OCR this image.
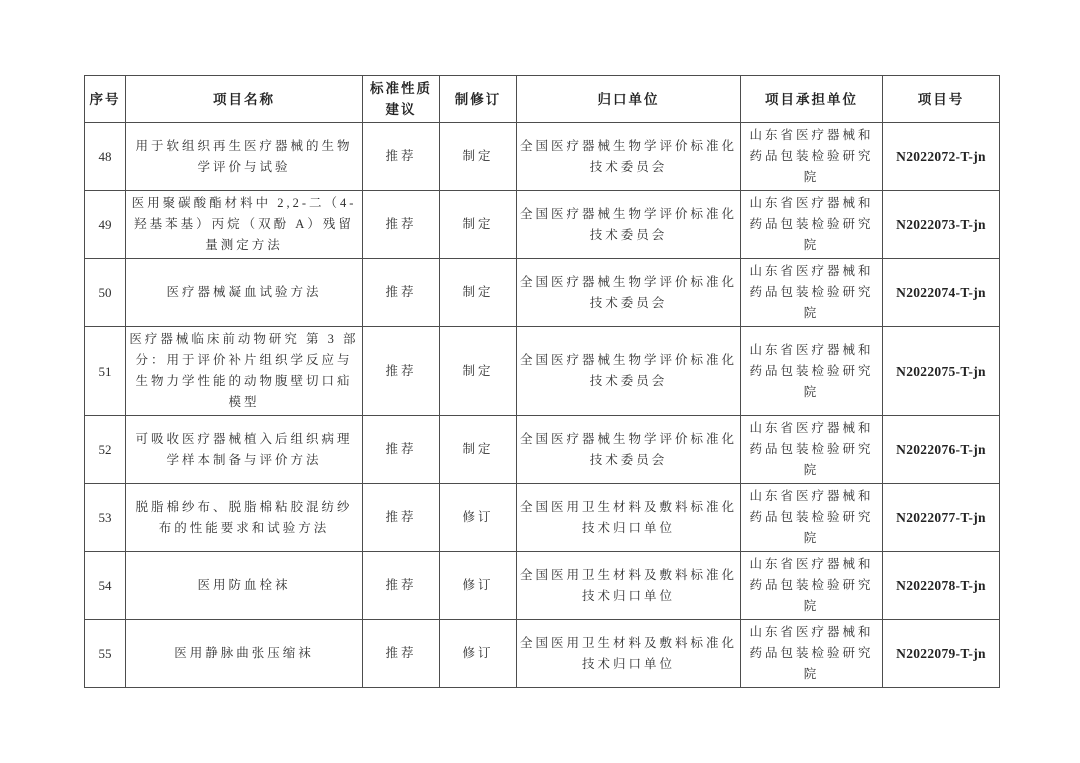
序号	项目名称	标准性质建议	制修订	归口单位	项目承担单位	项目号
48	用于软组织再生医疗器械的生物学评价与试验	推荐	制定	全国医疗器械生物学评价标准化技术委员会	山东省医疗器械和药品包装检验研究院	N2022072-T-jn
49	医用聚碳酸酯材料中 2,2-二（4-羟基苯基）丙烷（双酚 A）残留量测定方法	推荐	制定	全国医疗器械生物学评价标准化技术委员会	山东省医疗器械和药品包装检验研究院	N2022073-T-jn
50	医疗器械凝血试验方法	推荐	制定	全国医疗器械生物学评价标准化技术委员会	山东省医疗器械和药品包装检验研究院	N2022074-T-jn
51	医疗器械临床前动物研究 第 3 部分：用于评价补片组织学反应与生物力学性能的动物腹壁切口疝模型	推荐	制定	全国医疗器械生物学评价标准化技术委员会	山东省医疗器械和药品包装检验研究院	N2022075-T-jn
52	可吸收医疗器械植入后组织病理学样本制备与评价方法	推荐	制定	全国医疗器械生物学评价标准化技术委员会	山东省医疗器械和药品包装检验研究院	N2022076-T-jn
53	脱脂棉纱布、脱脂棉粘胶混纺纱布的性能要求和试验方法	推荐	修订	全国医用卫生材料及敷料标准化技术归口单位	山东省医疗器械和药品包装检验研究院	N2022077-T-jn
54	医用防血栓袜	推荐	修订	全国医用卫生材料及敷料标准化技术归口单位	山东省医疗器械和药品包装检验研究院	N2022078-T-jn
55	医用静脉曲张压缩袜	推荐	修订	全国医用卫生材料及敷料标准化技术归口单位	山东省医疗器械和药品包装检验研究院	N2022079-T-jn
